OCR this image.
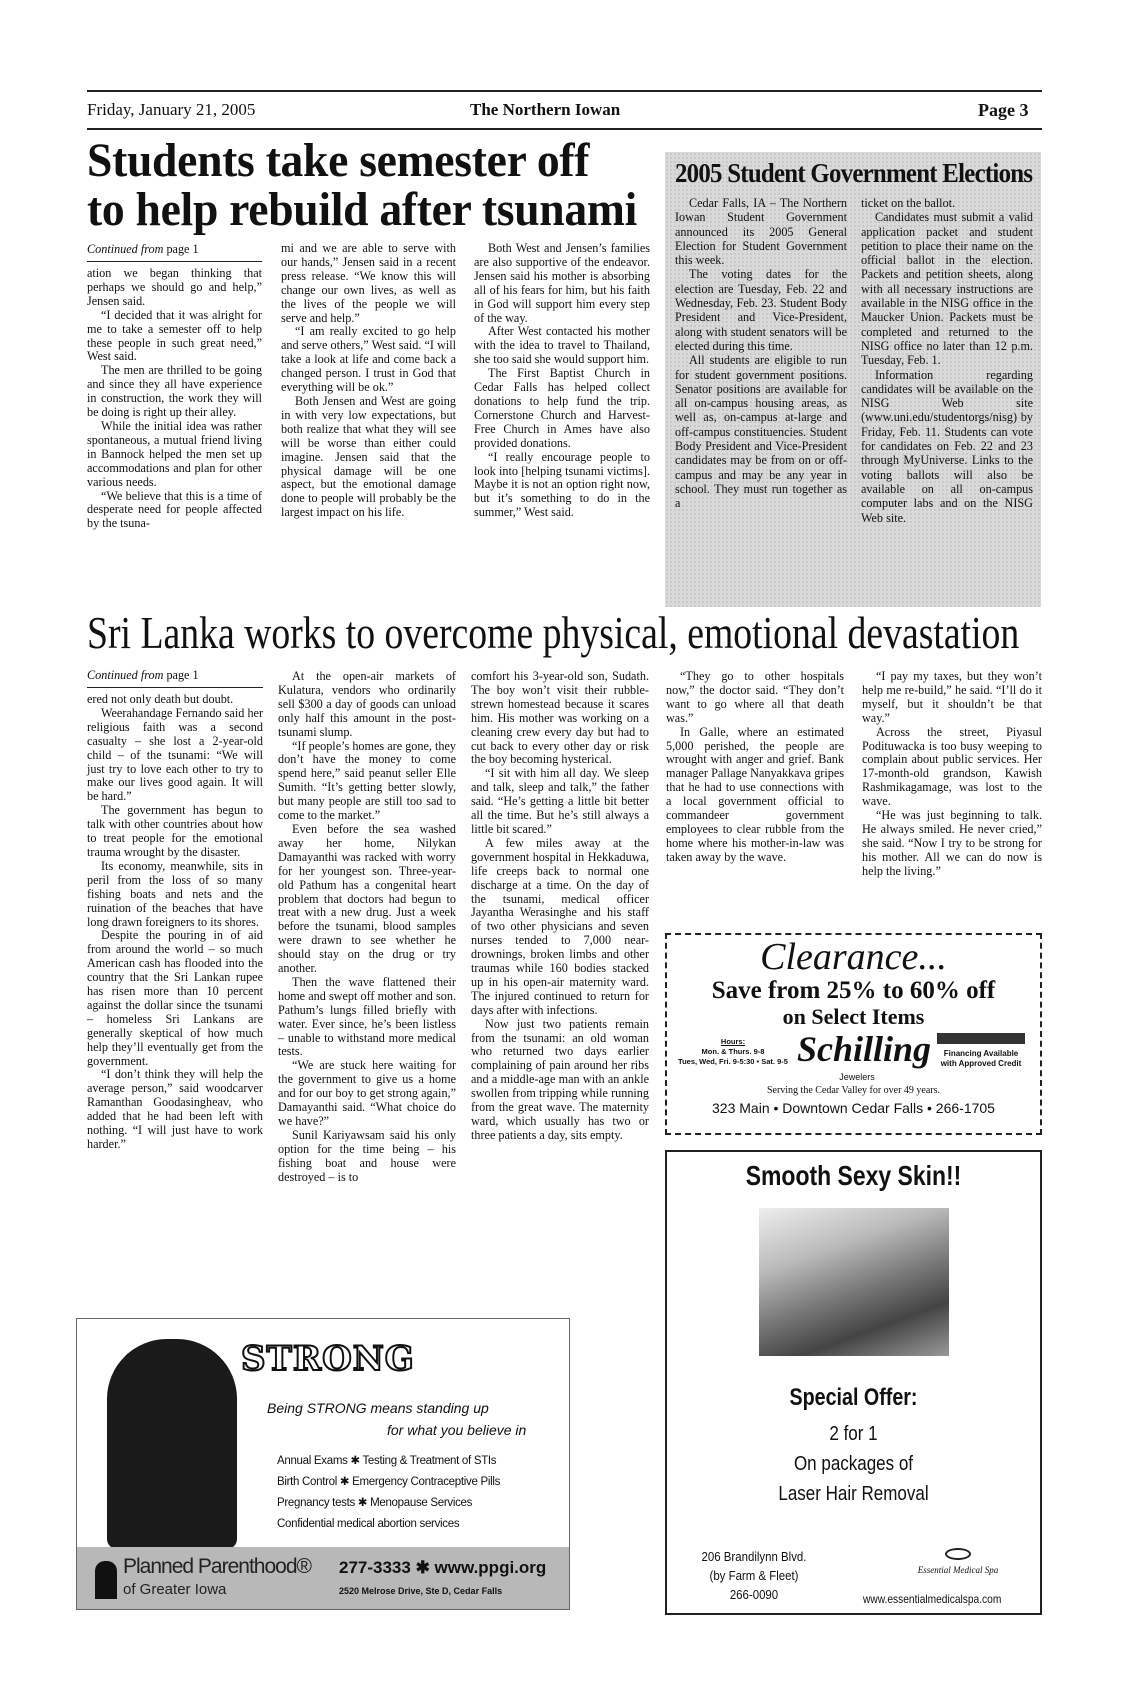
Friday, January 21, 2005	The Northern Iowan	Page 3
Students take semester off
to help rebuild after tsunami
Continued from page 1

ation we began thinking that perhaps we should go and help,” Jensen said.

“I decided that it was alright for me to take a semester off to help these people in such great need,” West said.

The men are thrilled to be going and since they all have experience in construction, the work they will be doing is right up their alley.

While the initial idea was rather spontaneous, a mutual friend living in Bannock helped the men set up accommodations and plan for other various needs.

“We believe that this is a time of desperate need for people affected by the tsuna-

mi and we are able to serve with our hands,” Jensen said in a recent press release. “We know this will change our own lives, as well as the lives of the people we will serve and help.”

“I am really excited to go help and serve others,” West said. “I will take a look at life and come back a changed person. I trust in God that everything will be ok.”

Both Jensen and West are going in with very low expectations, but both realize that what they will see will be worse than either could imagine. Jensen said that the physical damage will be one aspect, but the emotional damage done to people will probably be the largest impact on his life.

Both West and Jensen’s families are also supportive of the endeavor. Jensen said his mother is absorbing all of his fears for him, but his faith in God will support him every step of the way.

After West contacted his mother with the idea to travel to Thailand, she too said she would support him.

The First Baptist Church in Cedar Falls has helped collect donations to help fund the trip. Cornerstone Church and Harvest-Free Church in Ames have also provided donations.

“I really encourage people to look into [helping tsunami victims]. Maybe it is not an option right now, but it’s something to do in the summer,” West said.

2005 Student Government Elections

Cedar Falls, IA – The Northern Iowan Student Government announced its 2005 General Election for Student Government this week.

The voting dates for the election are Tuesday, Feb. 22 and Wednesday, Feb. 23. Student Body President and Vice-President, along with student senators will be elected during this time.

All students are eligible to run for student government positions. Senator positions are available for all on-campus housing areas, as well as, on-campus at-large and off-campus constituencies. Student Body President and Vice-President candidates may be from on or off-campus and may be any year in school. They must run together as a

ticket on the ballot.

Candidates must submit a valid application packet and student petition to place their name on the official ballot in the election. Packets and petition sheets, along with all necessary instructions are available in the NISG office in the Maucker Union. Packets must be completed and returned to the NISG office no later than 12 p.m. Tuesday, Feb. 1.

Information regarding candidates will be available on the NISG Web site (www.uni.edu/studentorgs/nisg) by Friday, Feb. 11. Students can vote for candidates on Feb. 22 and 23 through MyUniverse. Links to the voting ballots will also be available on all on-campus computer labs and on the NISG Web site.

Sri Lanka works to overcome physical, emotional devastation
Continued from page 1

ered not only death but doubt.

Weerahandage Fernando said her religious faith was a second casualty – she lost a 2-year-old child – of the tsunami: “We will just try to love each other to try to make our lives good again. It will be hard.”

The government has begun to talk with other countries about how to treat people for the emotional trauma wrought by the disaster.

Its economy, meanwhile, sits in peril from the loss of so many fishing boats and nets and the ruination of the beaches that have long drawn foreigners to its shores.

Despite the pouring in of aid from around the world – so much American cash has flooded into the country that the Sri Lankan rupee has risen more than 10 percent against the dollar since the tsunami – homeless Sri Lankans are generally skeptical of how much help they’ll eventually get from the government.

“I don’t think they will help the average person,” said woodcarver Ramanthan Goodasingheav, who added that he had been left with nothing. “I will just have to work harder.”

At the open-air markets of Kulatura, vendors who ordinarily sell $300 a day of goods can unload only half this amount in the post-tsunami slump.

“If people’s homes are gone, they don’t have the money to come spend here,” said peanut seller Elle Sumith. “It’s getting better slowly, but many people are still too sad to come to the market.”

Even before the sea washed away her home, Nilykan Damayanthi was racked with worry for her youngest son. Three-year-old Pathum has a congenital heart problem that doctors had begun to treat with a new drug. Just a week before the tsunami, blood samples were drawn to see whether he should stay on the drug or try another.

Then the wave flattened their home and swept off mother and son. Pathum’s lungs filled briefly with water. Ever since, he’s been listless – unable to withstand more medical tests.

“We are stuck here waiting for the government to give us a home and for our boy to get strong again,” Damayanthi said. “What choice do we have?”

Sunil Kariyawsam said his only option for the time being – his fishing boat and house were destroyed – is to

comfort his 3-year-old son, Sudath. The boy won’t visit their rubble-strewn homestead because it scares him. His mother was working on a cleaning crew every day but had to cut back to every other day or risk the boy becoming hysterical.

“I sit with him all day. We sleep and talk, sleep and talk,” the father said. “He’s getting a little bit better all the time. But he’s still always a little bit scared.”

A few miles away at the government hospital in Hekkaduwa, life creeps back to normal one discharge at a time. On the day of the tsunami, medical officer Jayantha Werasinghe and his staff of two other physicians and seven nurses tended to 7,000 near-drownings, broken limbs and other traumas while 160 bodies stacked up in his open-air maternity ward. The injured continued to return for days after with infections.

Now just two patients remain from the tsunami: an old woman who returned two days earlier complaining of pain around her ribs and a middle-age man with an ankle swollen from tripping while running from the great wave. The maternity ward, which usually has two or three patients a day, sits empty.

“They go to other hospitals now,” the doctor said. “They don’t want to go where all that death was.”

In Galle, where an estimated 5,000 perished, the people are wrought with anger and grief. Bank manager Pallage Nanyakkava gripes that he had to use connections with a local government official to commandeer government employees to clear rubble from the home where his mother-in-law was taken away by the wave.

“I pay my taxes, but they won’t help me re-build,” he said. “I’ll do it myself, but it shouldn’t be that way.”

Across the street, Piyasul Podituwacka is too busy weeping to complain about public services. Her 17-month-old grandson, Kawish Rashmikagamage, was lost to the wave.

“He was just beginning to talk. He always smiled. He never cried,” she said. “Now I try to be strong for his mother. All we can do now is help the living.”

Clearance...
Save from 25% to 60% off
on Select Items
Hours:
Mon. & Thurs. 9-8
Tues, Wed, Fri. 9-5:30 • Sat. 9-5 Schilling
Jewelers
Financing Available
with Approved Credit
Serving the Cedar Valley for over 49 years.
323 Main • Downtown Cedar Falls • 266-1705
Smooth Sexy Skin!!
Special Offer:
2 for 1
On packages of
Laser Hair Removal
206 Brandilynn Blvd.
(by Farm & Fleet)
266-0090
Essential Medical Spa
www.essentialmedicalspa.com
STRONG
Being STRONG means standing up
for what you believe in
Annual Exams ✱ Testing & Treatment of STIs
Birth Control ✱ Emergency Contraceptive Pills
Pregnancy tests ✱ Menopause Services
Confidential medical abortion services
Planned Parenthood®
of Greater Iowa
277-3333 ✱ www.ppgi.org
2520 Melrose Drive, Ste D, Cedar Falls
